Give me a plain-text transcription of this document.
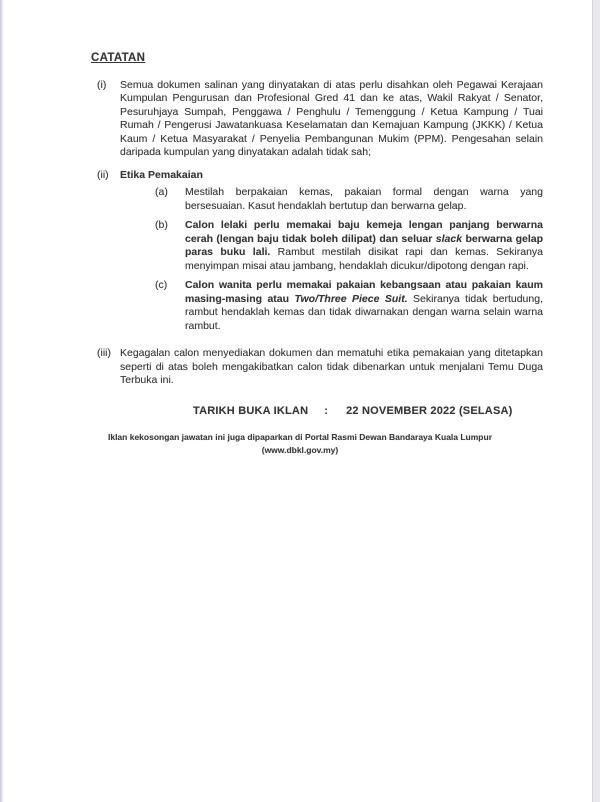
CATATAN
(i)	Semua dokumen salinan yang dinyatakan di atas perlu disahkan oleh Pegawai Kerajaan Kumpulan Pengurusan dan Profesional Gred 41 dan ke atas, Wakil Rakyat / Senator, Pesuruhjaya Sumpah, Penggawa / Penghulu / Temenggung / Ketua Kampung / Tuai Rumah / Pengerusi Jawatankuasa Keselamatan dan Kemajuan Kampung (JKKK) / Ketua Kaum / Ketua Masyarakat / Penyelia Pembangunan Mukim (PPM). Pengesahan selain daripada kumpulan yang dinyatakan adalah tidak sah;
(ii)	Etika Pemakaian
(a)	Mestilah berpakaian kemas, pakaian formal dengan warna yang bersesuaian. Kasut hendaklah bertutup dan berwarna gelap.
(b)	Calon lelaki perlu memakai baju kemeja lengan panjang berwarna cerah (lengan baju tidak boleh dilipat) dan seluar slack berwarna gelap paras buku lali. Rambut mestilah disikat rapi dan kemas. Sekiranya menyimpan misai atau jambang, hendaklah dicukur/dipotong dengan rapi.
(c)	Calon wanita perlu memakai pakaian kebangsaan atau pakaian kaum masing-masing atau Two/Three Piece Suit. Sekiranya tidak bertudung, rambut hendaklah kemas dan tidak diwarnakan dengan warna selain warna rambut.
(iii) Kegagalan calon menyediakan dokumen dan mematuhi etika pemakaian yang ditetapkan seperti di atas boleh mengakibatkan calon tidak dibenarkan untuk menjalani Temu Duga Terbuka ini.
TARIKH BUKA IKLAN : 22 NOVEMBER 2022 (SELASA)
Iklan kekosongan jawatan ini juga dipaparkan di Portal Rasmi Dewan Bandaraya Kuala Lumpur
(www.dbkl.gov.my)
